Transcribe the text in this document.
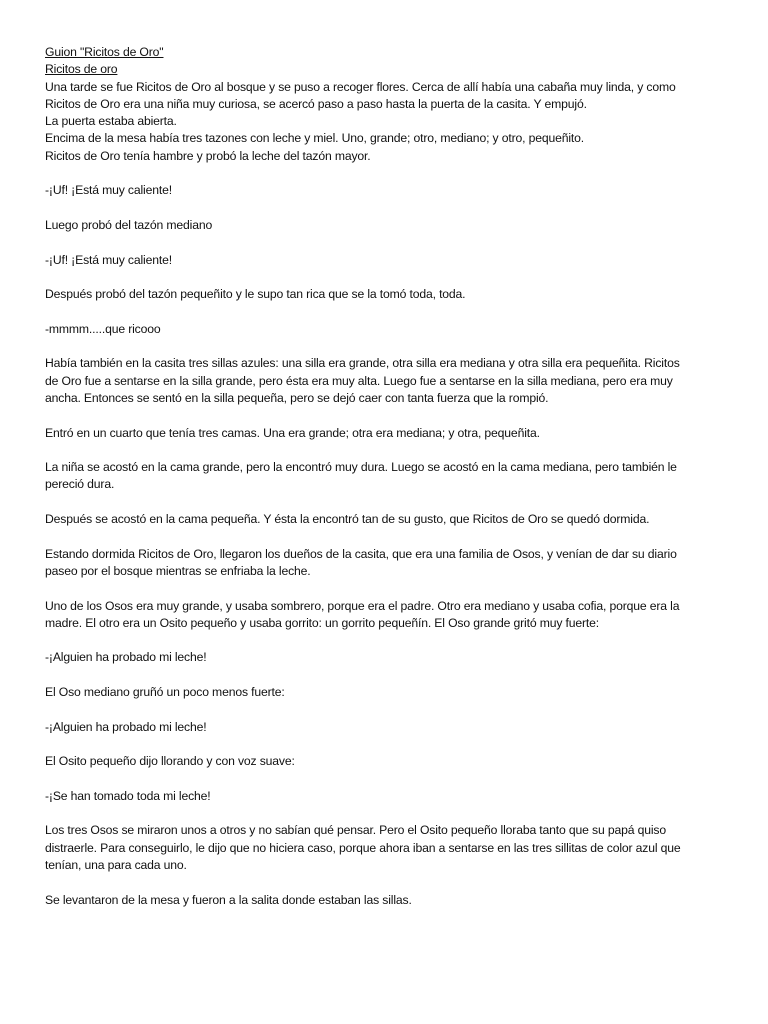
Guion "Ricitos de Oro"
Ricitos de oro
Una tarde se fue Ricitos de Oro al bosque y se puso a recoger flores. Cerca de allí había una cabaña muy linda, y como
Ricitos de Oro era una niña muy curiosa, se acercó paso a paso hasta la puerta de la casita. Y empujó.
La puerta estaba abierta.
Encima de la mesa había tres tazones con leche y miel. Uno, grande; otro, mediano; y otro, pequeñito.
Ricitos de Oro tenía hambre y probó la leche del tazón mayor.
-¡Uf! ¡Está muy caliente!
Luego probó del tazón mediano
-¡Uf! ¡Está muy caliente!
Después probó del tazón pequeñito y le supo tan rica que se la tomó toda, toda.
-mmmm.....que ricooo
Había también en la casita tres sillas azules: una silla era grande, otra silla era mediana y otra silla era pequeñita. Ricitos
de Oro fue a sentarse en la silla grande, pero ésta era muy alta. Luego fue a sentarse en la silla mediana, pero era muy
ancha. Entonces se sentó en la silla pequeña, pero se dejó caer con tanta fuerza que la rompió.
Entró en un cuarto que tenía tres camas. Una era grande; otra era mediana; y otra, pequeñita.
La niña se acostó en la cama grande, pero la encontró muy dura. Luego se acostó en la cama mediana, pero también le
pereció dura.
Después se acostó en la cama pequeña. Y ésta la encontró tan de su gusto, que Ricitos de Oro se quedó dormida.
Estando dormida Ricitos de Oro, llegaron los dueños de la casita, que era una familia de Osos, y venían de dar su diario
paseo por el bosque mientras se enfriaba la leche.
Uno de los Osos era muy grande, y usaba sombrero, porque era el padre. Otro era mediano y usaba cofia, porque era la
madre. El otro era un Osito pequeño y usaba gorrito: un gorrito pequeñín. El Oso grande gritó muy fuerte:
-¡Alguien ha probado mi leche!
El Oso mediano gruñó un poco menos fuerte:
-¡Alguien ha probado mi leche!
El Osito pequeño dijo llorando y con voz suave:
-¡Se han tomado toda mi leche!
Los tres Osos se miraron unos a otros y no sabían qué pensar. Pero el Osito pequeño lloraba tanto que su papá quiso
distraerle. Para conseguirlo, le dijo que no hiciera caso, porque ahora iban a sentarse en las tres sillitas de color azul que
tenían, una para cada uno.
Se levantaron de la mesa y fueron a la salita donde estaban las sillas.
